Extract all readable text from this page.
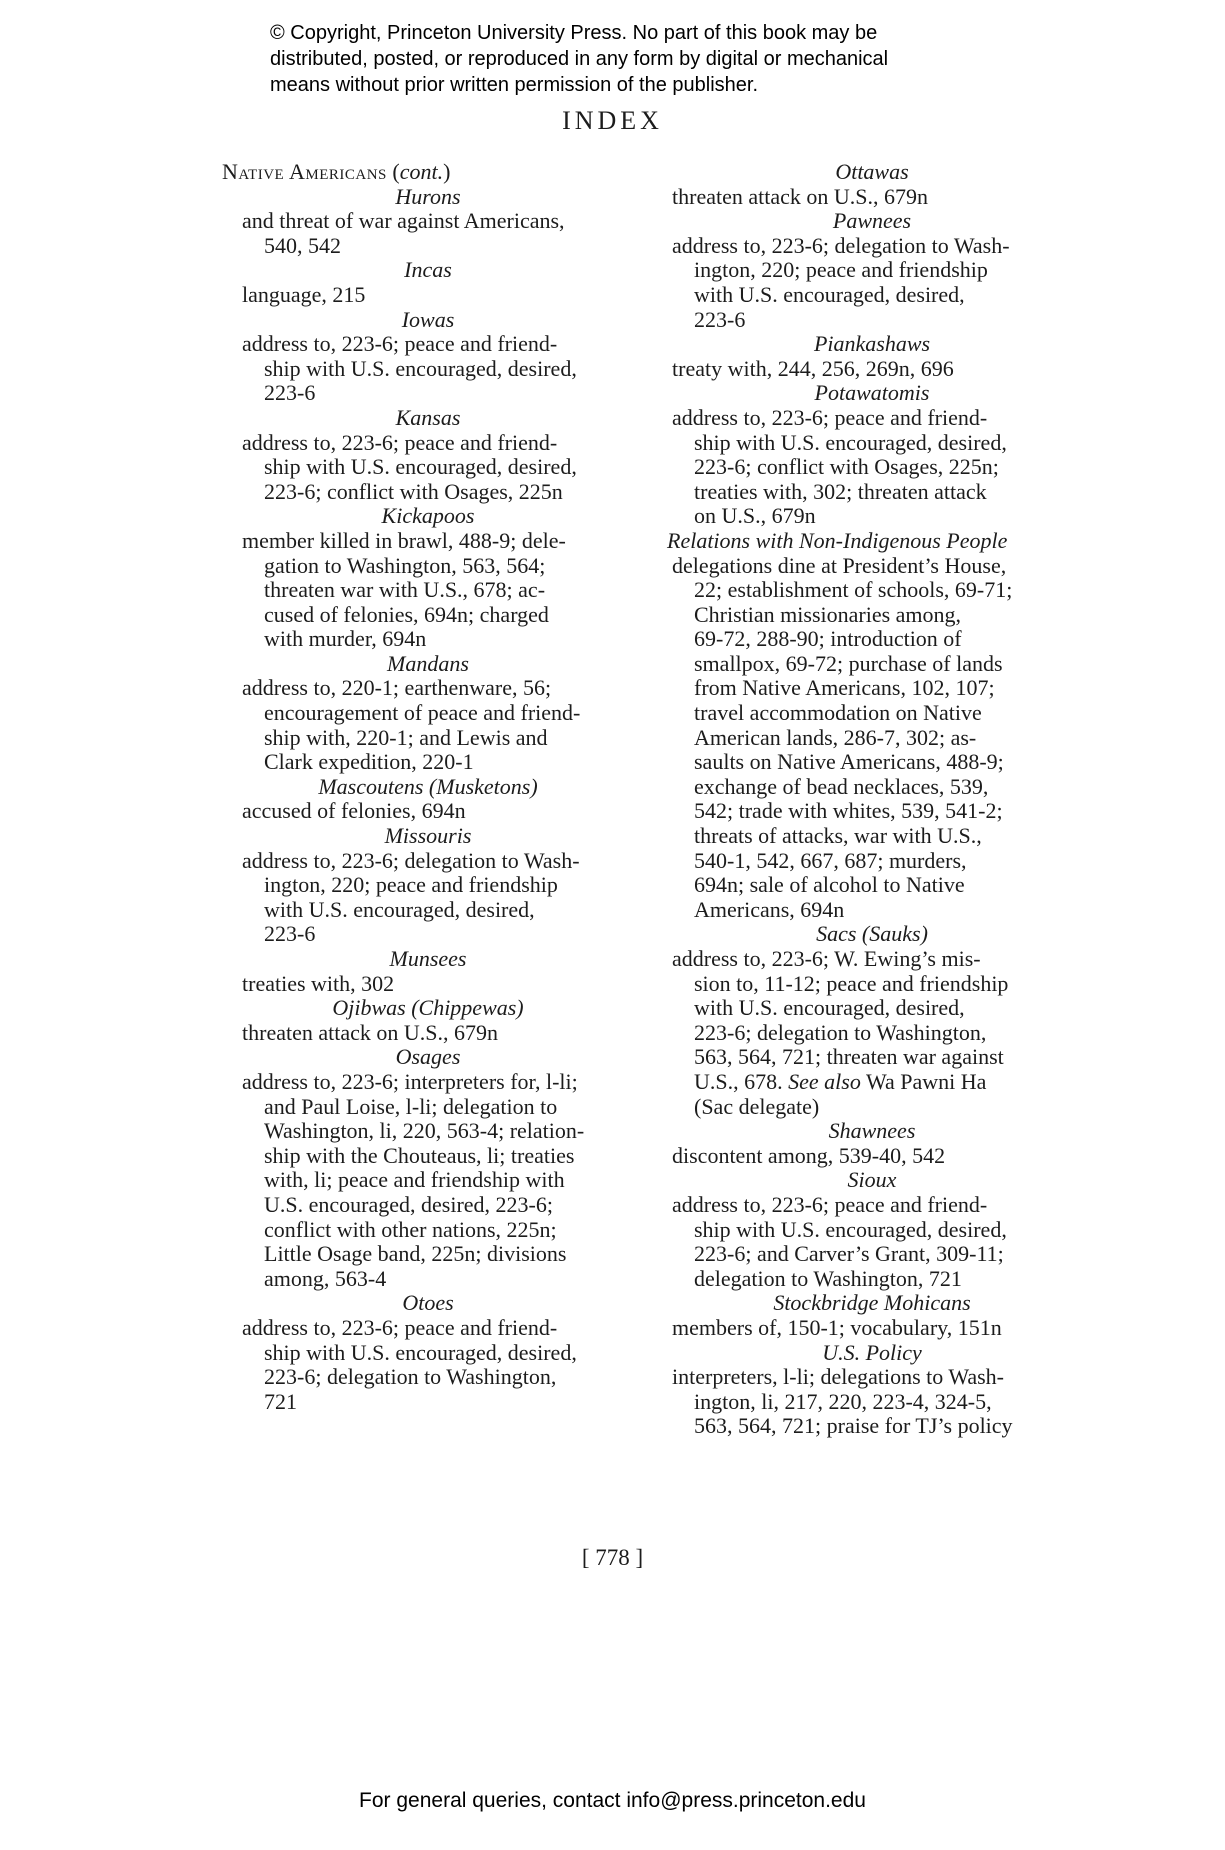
© Copyright, Princeton University Press. No part of this book may be
distributed, posted, or reproduced in any form by digital or mechanical
means without prior written permission of the publisher.
INDEX
Native Americans (cont.)
Hurons
and threat of war against Americans,
540, 542
Incas
language, 215
Iowas
address to, 223-6; peace and friend-
ship with U.S. encouraged, desired,
223-6
Kansas
address to, 223-6; peace and friend-
ship with U.S. encouraged, desired,
223-6; conflict with Osages, 225n
Kickapoos
member killed in brawl, 488-9; dele-
gation to Washington, 563, 564;
threaten war with U.S., 678; ac-
cused of felonies, 694n; charged
with murder, 694n
Mandans
address to, 220-1; earthenware, 56;
encouragement of peace and friend-
ship with, 220-1; and Lewis and
Clark expedition, 220-1
Mascoutens (Musketons)
accused of felonies, 694n
Missouris
address to, 223-6; delegation to Wash-
ington, 220; peace and friendship
with U.S. encouraged, desired,
223-6
Munsees
treaties with, 302
Ojibwas (Chippewas)
threaten attack on U.S., 679n
Osages
address to, 223-6; interpreters for, l-li;
and Paul Loise, l-li; delegation to
Washington, li, 220, 563-4; relation-
ship with the Chouteaus, li; treaties
with, li; peace and friendship with
U.S. encouraged, desired, 223-6;
conflict with other nations, 225n;
Little Osage band, 225n; divisions
among, 563-4
Otoes
address to, 223-6; peace and friend-
ship with U.S. encouraged, desired,
223-6; delegation to Washington,
721
Ottawas
threaten attack on U.S., 679n
Pawnees
address to, 223-6; delegation to Wash-
ington, 220; peace and friendship
with U.S. encouraged, desired,
223-6
Piankashaws
treaty with, 244, 256, 269n, 696
Potawatomis
address to, 223-6; peace and friend-
ship with U.S. encouraged, desired,
223-6; conflict with Osages, 225n;
treaties with, 302; threaten attack
on U.S., 679n
Relations with Non-Indigenous People
delegations dine at President’s House,
22; establishment of schools, 69-71;
Christian missionaries among,
69-72, 288-90; introduction of
smallpox, 69-72; purchase of lands
from Native Americans, 102, 107;
travel accommodation on Native
American lands, 286-7, 302; as-
saults on Native Americans, 488-9;
exchange of bead necklaces, 539,
542; trade with whites, 539, 541-2;
threats of attacks, war with U.S.,
540-1, 542, 667, 687; murders,
694n; sale of alcohol to Native
Americans, 694n
Sacs (Sauks)
address to, 223-6; W. Ewing’s mis-
sion to, 11-12; peace and friendship
with U.S. encouraged, desired,
223-6; delegation to Washington,
563, 564, 721; threaten war against
U.S., 678. See also Wa Pawni Ha
(Sac delegate)
Shawnees
discontent among, 539-40, 542
Sioux
address to, 223-6; peace and friend-
ship with U.S. encouraged, desired,
223-6; and Carver’s Grant, 309-11;
delegation to Washington, 721
Stockbridge Mohicans
members of, 150-1; vocabulary, 151n
U.S. Policy
interpreters, l-li; delegations to Wash-
ington, li, 217, 220, 223-4, 324-5,
563, 564, 721; praise for TJ’s policy
[ 778 ]
For general queries, contact info@press.princeton.edu
